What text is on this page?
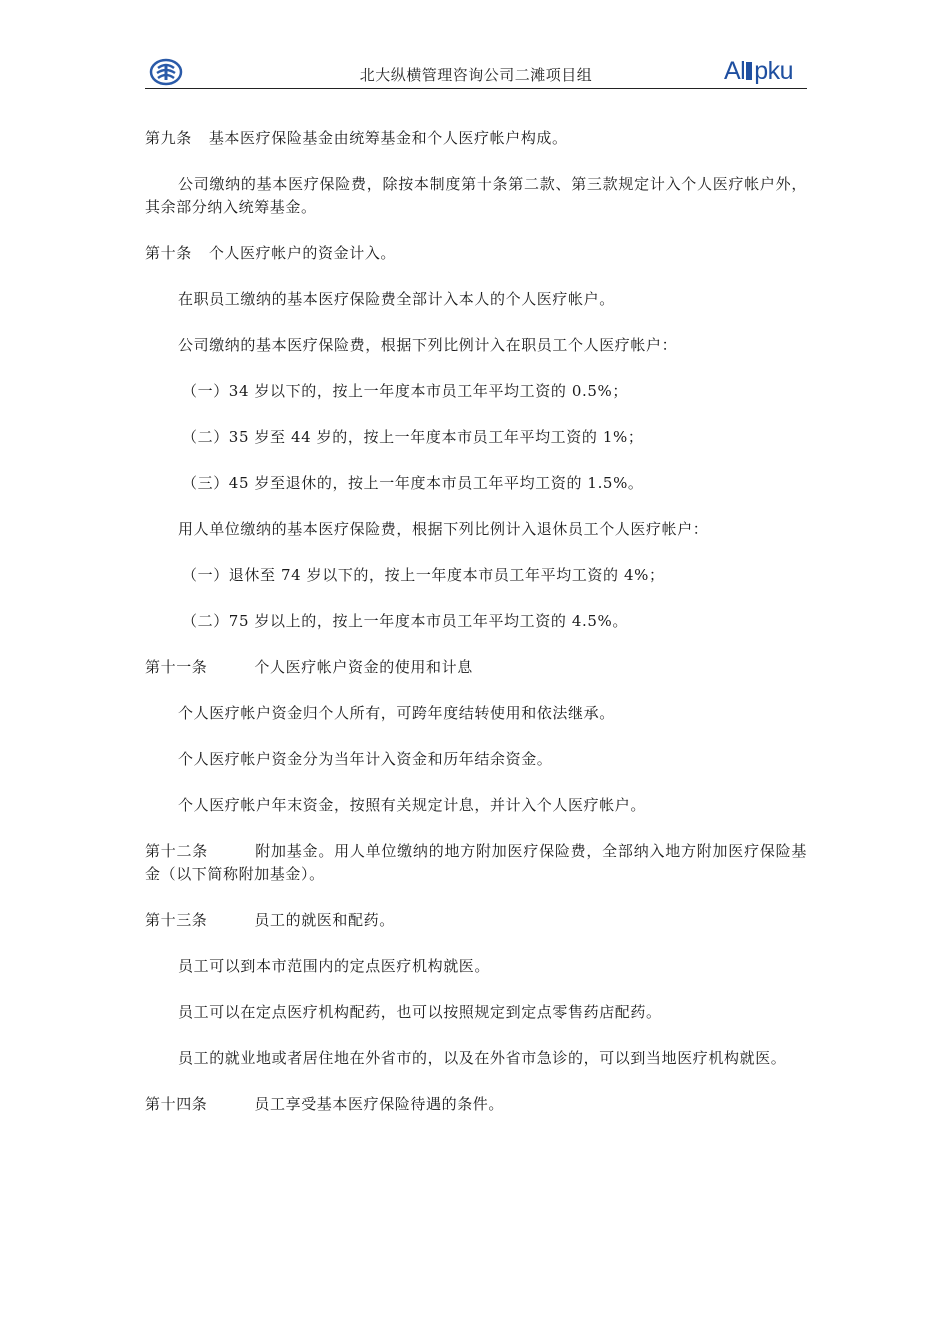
北大纵横管理咨询公司二滩项目组	Al pku

第九条 基本医疗保险基金由统筹基金和个人医疗帐户构成。

公司缴纳的基本医疗保险费，除按本制度第十条第二款、第三款规定计入个人医疗帐户外，其余部分纳入统筹基金。

第十条 个人医疗帐户的资金计入。

在职员工缴纳的基本医疗保险费全部计入本人的个人医疗帐户。

公司缴纳的基本医疗保险费，根据下列比例计入在职员工个人医疗帐户：

（一）34 岁以下的，按上一年度本市员工年平均工资的 0.5%；

（二）35 岁至 44 岁的，按上一年度本市员工年平均工资的 1%；

（三）45 岁至退休的，按上一年度本市员工年平均工资的 1.5%。

用人单位缴纳的基本医疗保险费，根据下列比例计入退休员工个人医疗帐户：

（一）退休至 74 岁以下的，按上一年度本市员工年平均工资的 4%；

（二）75 岁以上的，按上一年度本市员工年平均工资的 4.5%。

第十一条	个人医疗帐户资金的使用和计息

个人医疗帐户资金归个人所有，可跨年度结转使用和依法继承。

个人医疗帐户资金分为当年计入资金和历年结余资金。

个人医疗帐户年末资金，按照有关规定计息，并计入个人医疗帐户。

第十二条	附加基金。用人单位缴纳的地方附加医疗保险费，全部纳入地方附加医疗保险基金（以下简称附加基金）。

第十三条	员工的就医和配药。

员工可以到本市范围内的定点医疗机构就医。

员工可以在定点医疗机构配药，也可以按照规定到定点零售药店配药。

员工的就业地或者居住地在外省市的，以及在外省市急诊的，可以到当地医疗机构就医。

第十四条	员工享受基本医疗保险待遇的条件。
